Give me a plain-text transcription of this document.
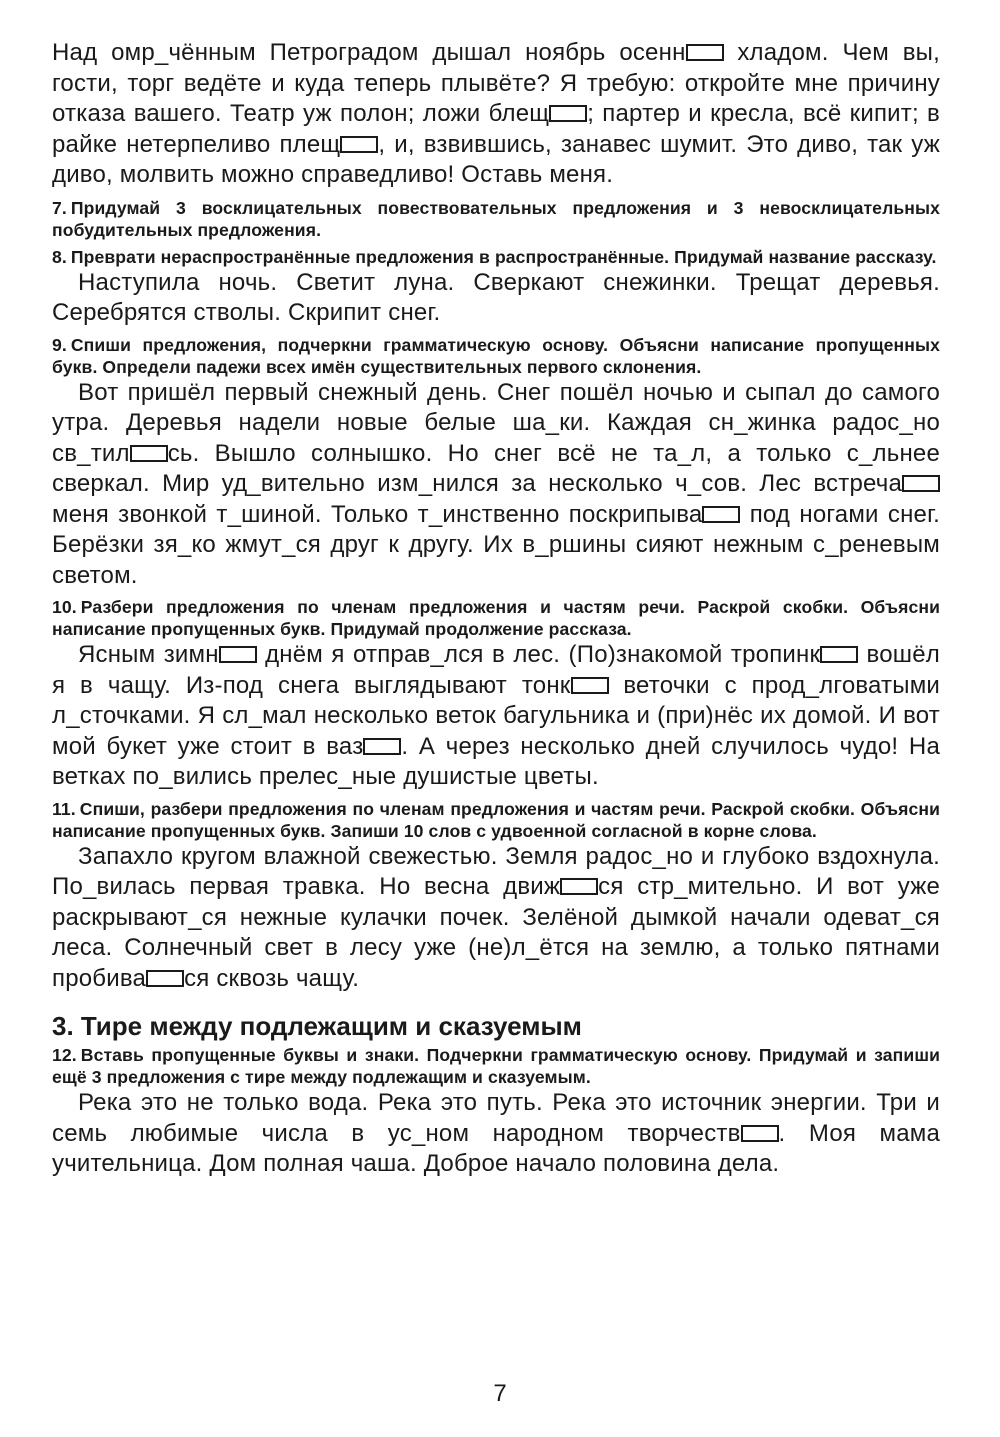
Над омр_чённым Петроградом дышал ноябрь осенн хладом. Чем вы, гости, торг ведёте и куда теперь плывёте? Я требую: откройте мне причину отказа вашего. Театр уж полон; ложи блещ ; партер и кресла, всё кипит; в райке нетерпеливо плещ , и, взвившись, занавес шумит. Это диво, так уж диво, молвить можно справедливо! Оставь меня.

7. Придумай 3 восклицательных повествовательных предложения и 3 невосклицательных побудительных предложения.

8. Преврати нераспространённые предложения в распространённые. Придумай название рассказу.

Наступила ночь. Светит луна. Сверкают снежинки. Трещат деревья. Серебрятся стволы. Скрипит снег.

9. Спиши предложения, подчеркни грамматическую основу. Объясни написание пропущенных букв. Определи падежи всех имён существительных первого склонения.

Вот пришёл первый снежный день. Снег пошёл ночью и сыпал до самого утра. Деревья надели новые белые ша_ки. Каждая сн_жинка радос_но св_тил сь. Вышло солнышко. Но снег всё не та_л, а только с_льнее сверкал. Мир уд_вительно изм_нился за несколько ч_сов. Лес встреча меня звонкой т_шиной. Только т_инственно поскрипыва под ногами снег. Берёзки зя_ко жмут_ся друг к другу. Их в_ршины сияют нежным с_реневым светом.

10. Разбери предложения по членам предложения и частям речи. Раскрой скобки. Объясни написание пропущенных букв. Придумай продолжение рассказа.

Ясным зимн днём я отправ_лся в лес. (По)знакомой тропинк вошёл я в чащу. Из-под снега выглядывают тонк веточки с прод_лговатыми л_сточками. Я сл_мал несколько веток багульника и (при)нёс их домой. И вот мой букет уже стоит в ваз . А через несколько дней случилось чудо! На ветках по_вились прелес_ные душистые цветы.

11. Спиши, разбери предложения по членам предложения и частям речи. Раскрой скобки. Объясни написание пропущенных букв. Запиши 10 слов с удвоенной согласной в корне слова.

Запахло кругом влажной свежестью. Земля радос_но и глубоко вздохнула. По_вилась первая травка. Но весна движ ся стр_мительно. И вот уже раскрывают_ся нежные кулачки почек. Зелёной дымкой начали одеват_ся леса. Солнечный свет в лесу уже (не)л_ётся на землю, а только пятнами пробива ся сквозь чащу.

3. Тире между подлежащим и сказуемым

12. Вставь пропущенные буквы и знаки. Подчеркни грамматическую основу. Придумай и запиши ещё 3 предложения с тире между подлежащим и сказуемым.

Река это не только вода. Река это путь. Река это источник энергии. Три и семь любимые числа в ус_ном народном творчеств . Моя мама учительница. Дом полная чаша. Доброе начало половина дела.

7
